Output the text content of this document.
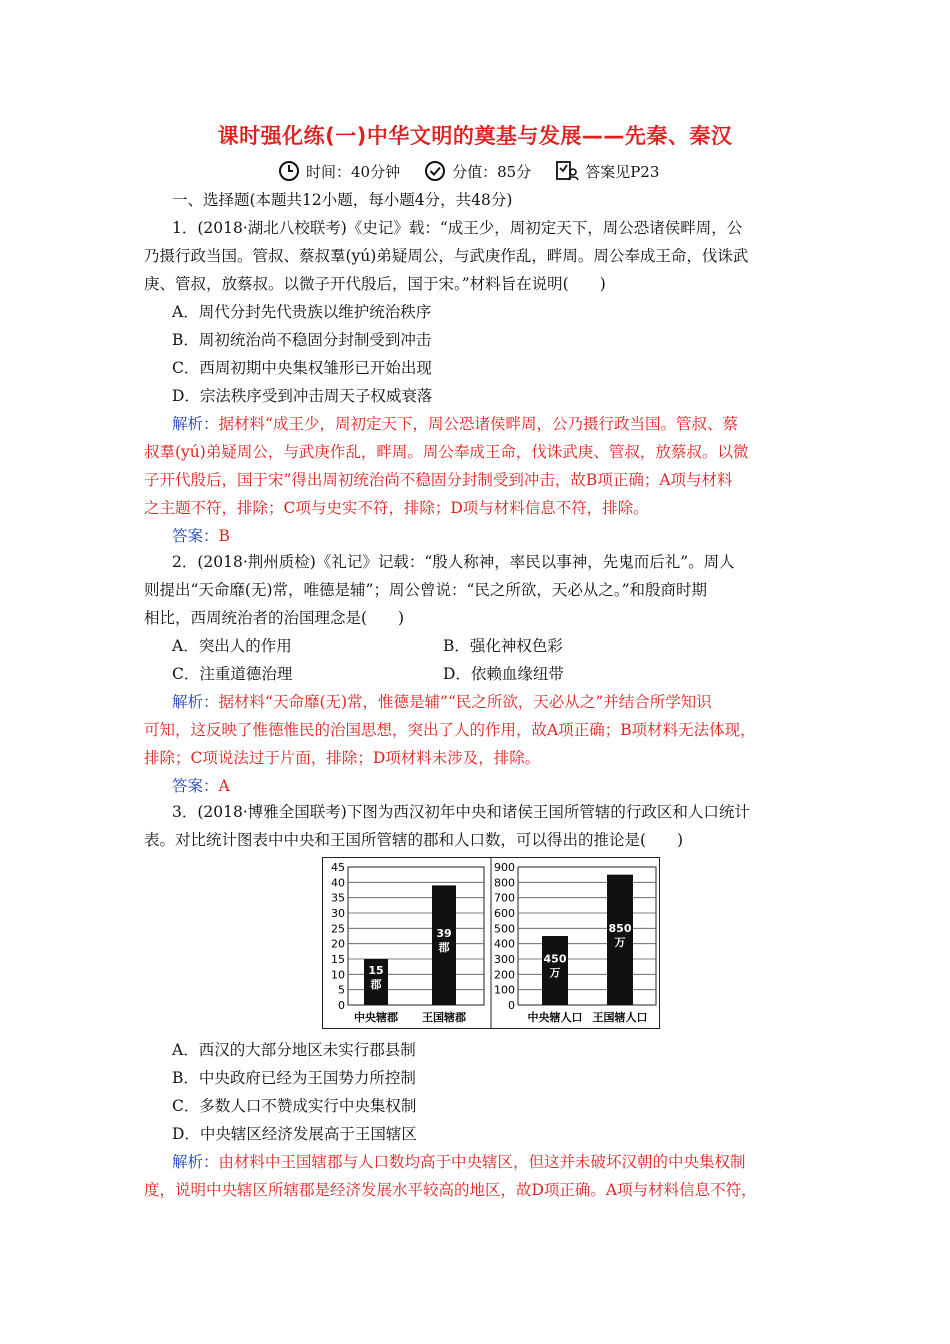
课时强化练(一)中华文明的奠基与发展——先秦、秦汉
时间：40分钟	分值：85分	答案见P23
一、选择题(本题共12小题，每小题4分，共48分)
1．(2018·湖北八校联考)《史记》载：“成王少，周初定天下，周公恐诸侯畔周，公
乃摄行政当国。管叔、蔡叔羣(yú)弟疑周公，与武庚作乱，畔周。周公奉成王命，伐诛武
庚、管叔，放蔡叔。以微子开代殷后，国于宋。”材料旨在说明(　　)
A．周代分封先代贵族以维护统治秩序
B．周初统治尚不稳固分封制受到冲击
C．西周初期中央集权雏形已开始出现
D．宗法秩序受到冲击周天子权威衰落
解析：据材料“成王少，周初定天下，周公恐诸侯畔周，公乃摄行政当国。管叔、蔡
叔羣(yú)弟疑周公，与武庚作乱，畔周。周公奉成王命，伐诛武庚、管叔，放蔡叔。以微
子开代殷后，国于宋”得出周初统治尚不稳固分封制受到冲击，故B项正确；A项与材料
之主题不符，排除；C项与史实不符，排除；D项与材料信息不符，排除。
答案：B
2．(2018·荆州质检)《礼记》记载：“殷人称神，率民以事神，先鬼而后礼”。周人
则提出“天命靡(无)常，唯德是辅”；周公曾说：“民之所欲，天必从之。”和殷商时期
相比，西周统治者的治国理念是(　　)
A．突出人的作用	B．强化神权色彩
C．注重道德治理	D．依赖血缘纽带
解析：据材料“天命靡(无)常，惟德是辅”“民之所欲，天必从之”并结合所学知识
可知，这反映了惟德惟民的治国思想，突出了人的作用，故A项正确；B项材料无法体现，
排除；C项说法过于片面，排除；D项材料未涉及，排除。
答案：A
3．(2018·博雅全国联考)下图为西汉初年中央和诸侯王国所管辖的行政区和人口统计
表。对比统计图表中中央和王国所管辖的郡和人口数，可以得出的推论是(　　)
0
5
10
15
20
25
30
35
40
45
15
郡
中央辖郡
39
郡
王国辖郡
0
100
200
300
400
500
600
700
800
900
450
万
中央辖人口
850
万
王国辖人口
A．西汉的大部分地区未实行郡县制
B．中央政府已经为王国势力所控制
C．多数人口不赞成实行中央集权制
D．中央辖区经济发展高于王国辖区
解析：由材料中王国辖郡与人口数均高于中央辖区，但这并未破坏汉朝的中央集权制
度，说明中央辖区所辖郡是经济发展水平较高的地区，故D项正确。A项与材料信息不符，
